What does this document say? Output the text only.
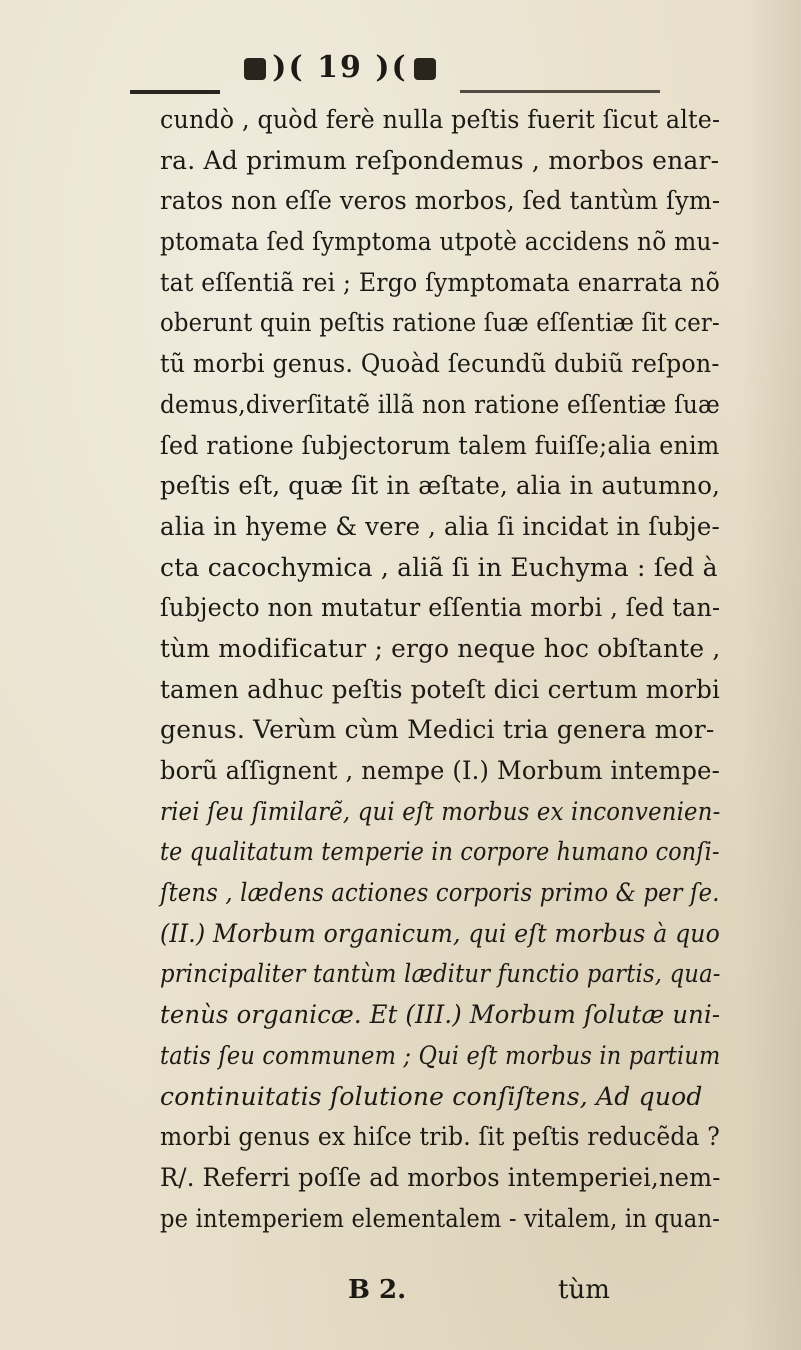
)( 19 )(
cundò , quòd ferè nulla peſtis fuerit ſicut alte-
ra. Ad primum reſpondemus , morbos enar-
ratos non eſſe veros morbos, ſed tantùm ſym-
ptomata ſed ſymptoma utpotè accidens nõ mu-
tat eſſentiã rei ; Ergo ſymptomata enarrata nõ
oberunt quin peſtis ratione ſuæ eſſentiæ ſit cer-
tũ morbi genus. Quoàd ſecundũ dubiũ reſpon-
demus,diverſitatẽ illã non ratione eſſentiæ ſuæ
ſed ratione ſubjectorum talem fuiſſe;alia enim
peſtis eſt, quæ ſit in æſtate, alia in autumno,
alia in hyeme & vere , alia ſi incidat in ſubje-
cta cacochymica , aliã ſi in Euchyma : ſed à
ſubjecto non mutatur eſſentia morbi , ſed tan-
tùm modificatur ; ergo neque hoc obſtante ,
tamen adhuc peſtis poteſt dici certum morbi
genus. Verùm cùm Medici tria genera mor-
borũ aſſignent , nempe (I.) Morbum intempe-
riei ſeu ſimilarẽ, qui eſt morbus ex inconvenien-
te qualitatum temperie in corpore humano conſi-
ſtens , lædens actiones corporis primo & per ſe.
(II.) Morbum organicum, qui eſt morbus à quo
principaliter tantùm læditur functio partis, qua-
tenùs organicæ. Et (III.) Morbum ſolutæ uni-
tatis ſeu communem ; Qui eſt morbus in partium
continuitatis ſolutione conſiſtens, Ad quod
morbi genus ex hiſce trib. ſit peſtis reducẽda ?
R/. Referri poſſe ad morbos intemperiei,nem-
pe intemperiem elementalem - vitalem, in quan-
B 2.	tùm
